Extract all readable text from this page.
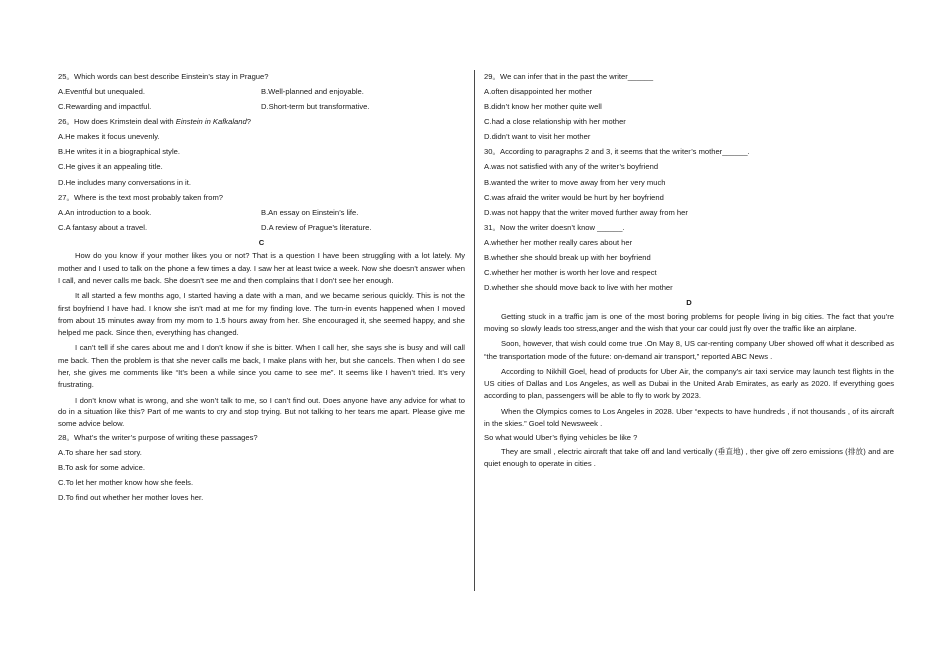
25。Which words can best describe Einstein’s stay in Prague?
A.Eventful but unequaled.	B.Well-planned and enjoyable.
C.Rewarding and impactful.	D.Short-term but transformative.
26。How does Krimstein deal with Einstein in Kafkaland?
A.He makes it focus unevenly.
B.He writes it in a biographical style.
C.He gives it an appealing title.
D.He includes many conversations in it.
27。Where is the text most probably taken from?
A.An introduction to a book.	B.An essay on Einstein’s life.
C.A fantasy about a travel.	D.A review of Prague’s literature.
C
How do you know if your mother likes you or not? That is a question I have been struggling with a lot lately. My mother and I used to talk on the phone a few times a day. I saw her at least twice a week. Now she doesn’t answer when I call, and never calls me back. She doesn’t see me and then complains that I don’t see her enough.
It all started a few months ago, I started having a date with a man, and we became serious quickly. This is not the first boyfriend I have had. I know she isn’t mad at me for my finding love. The turn-in events happened when I moved from about 15 minutes away from my mom to 1.5 hours away from her. She encouraged it, she seemed happy, and she helped me pack. Since then, everything has changed.
I can’t tell if she cares about me and I don’t know if she is bitter. When I call her, she says she is busy and will call me back. Then the problem is that she never calls me back, I make plans with her, but she cancels. Then when I do see her, she gives me comments like “It’s been a while since you came to see me”. It seems like I haven’t tried. It’s very frustrating.
I don’t know what is wrong, and she won’t talk to me, so I can’t find out. Does anyone have any advice for what to do in a situation like this? Part of me wants to cry and stop trying. But not talking to her tears me apart. Please give me some advice below.
28。What’s the writer’s purpose of writing these passages?
A.To share her sad story.
B.To ask for some advice.
C.To let her mother know how she feels.
D.To find out whether her mother loves her.
29。We can infer that in the past the writer______
A.often disappointed her mother
B.didn’t know her mother quite well
C.had a close relationship with her mother
D.didn’t want to visit her mother
30。According to paragraphs 2 and 3, it seems that the writer’s mother______.
A.was not satisfied with any of the writer’s boyfriend
B.wanted the writer to move away from her very much
C.was afraid the writer would be hurt by her boyfriend
D.was not happy that the writer moved further away from her
31。Now the writer doesn’t know ______.
A.whether her mother really cares about her
B.whether she should break up with her boyfriend
C.whether her mother is worth her love and respect
D.whether she should move back to live with her mother
D
Getting stuck in a traffic jam is one of the most boring problems for people living in big cities. The fact that you’re moving so slowly leads too stress,anger and the wish that your car could just fly over the traffic like an airplane.
Soon, however, that wish could come true .On May 8, US car-renting company Uber showed off what it described as “the transportation mode of the future: on-demand air transport,” reported ABC News .
According to Nikhill Goel, head of products for Uber Air, the company's air taxi service may launch test flights in the US cities of Dallas and Los Angeles, as well as Dubai in the United Arab Emirates, as early as 2020. If everything goes according to plan, passengers will be able to fly to work by 2023.
When the Olympics comes to Los Angeles in 2028. Uber “expects to have hundreds , if not thousands , of its aircraft in the skies.” Goel told Newsweek .
So what would Uber’s flying vehicles be like ?
They are small , electric aircraft that take off and land vertically (垂直地) , ther give off zero emissions (排放) and are quiet enough to operate in cities .
